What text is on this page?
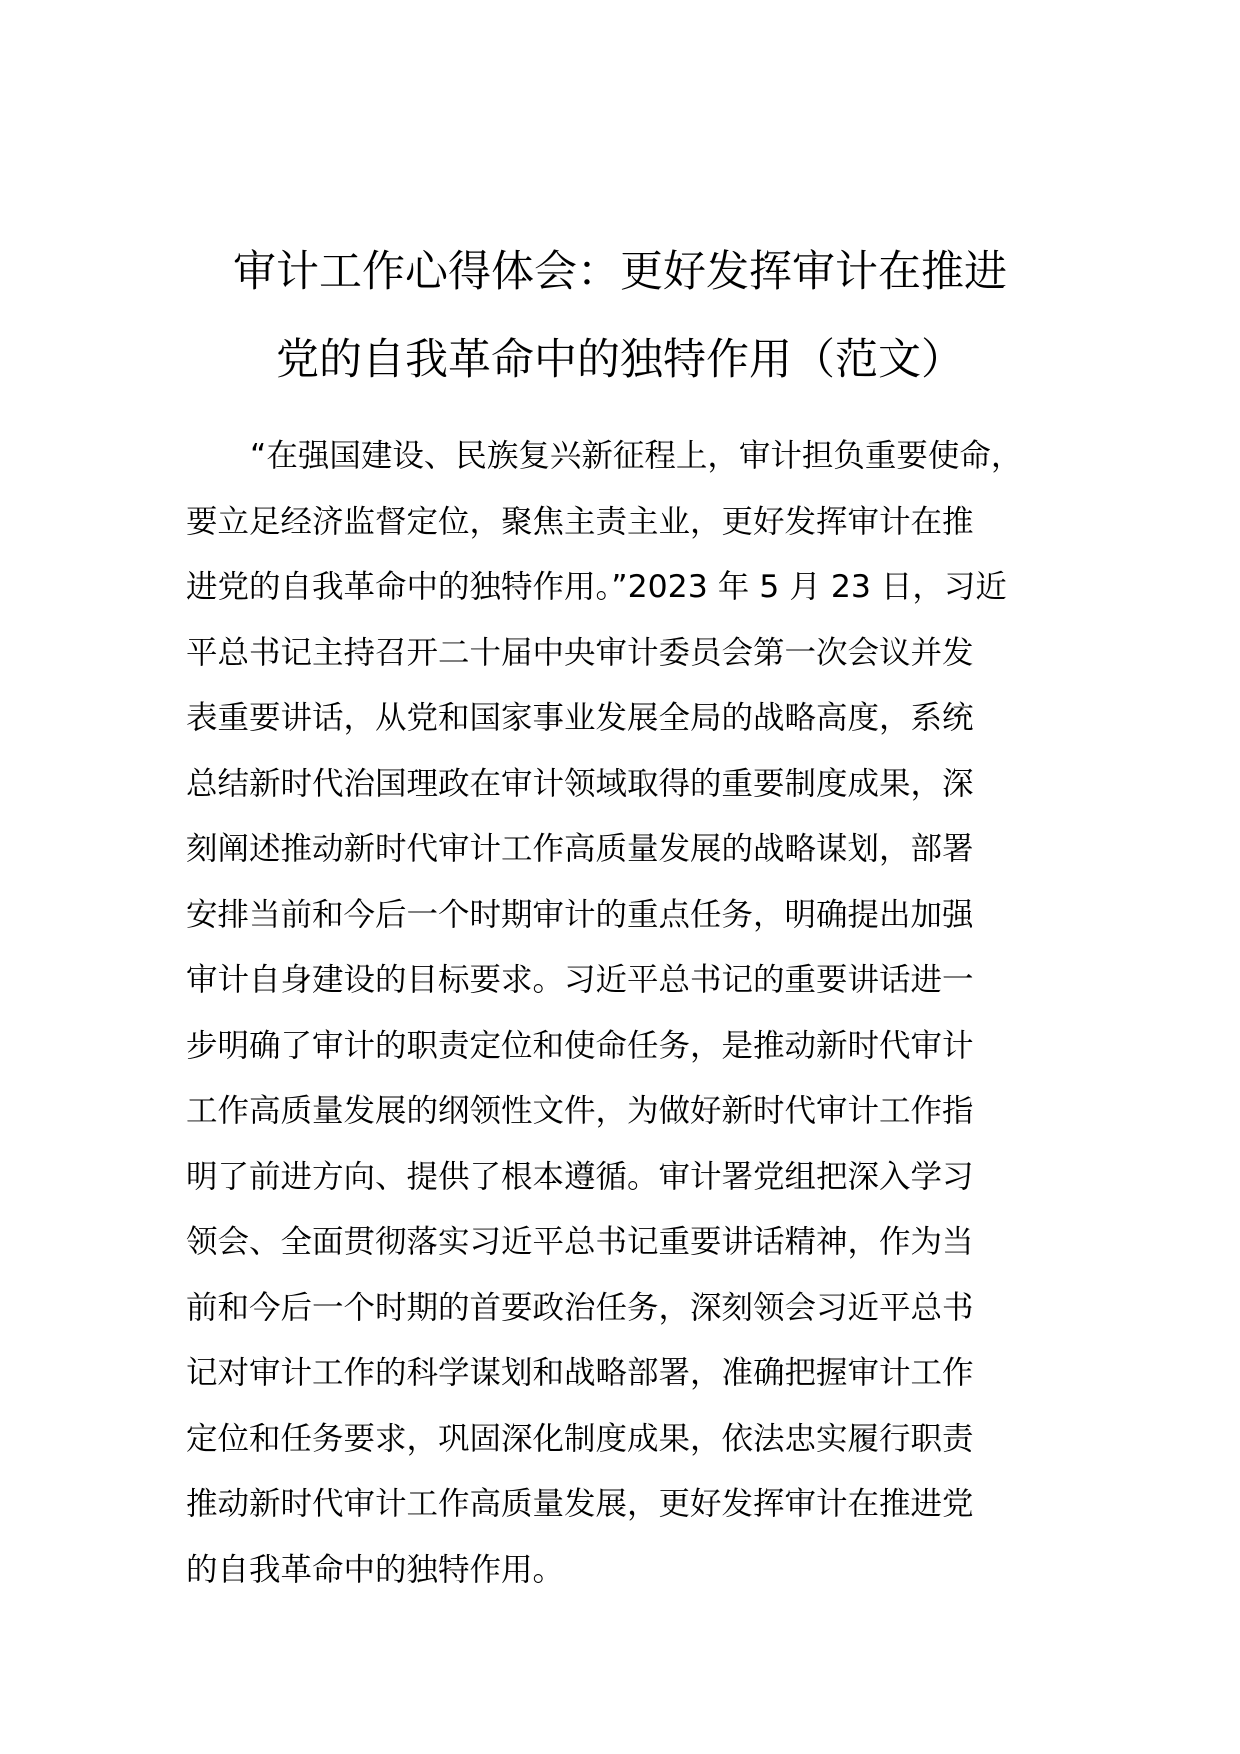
审计工作心得体会：更好发挥审计在推进
党的自我革命中的独特作用（范文）
“在强国建设、民族复兴新征程上，审计担负重要使命，
要立足经济监督定位，聚焦主责主业，更好发挥审计在推
进党的自我革命中的独特作用。”2023 年 5 月 23 日，习近
平总书记主持召开二十届中央审计委员会第一次会议并发
表重要讲话，从党和国家事业发展全局的战略高度，系统
总结新时代治国理政在审计领域取得的重要制度成果，深
刻阐述推动新时代审计工作高质量发展的战略谋划，部署
安排当前和今后一个时期审计的重点任务，明确提出加强
审计自身建设的目标要求。习近平总书记的重要讲话进一
步明确了审计的职责定位和使命任务，是推动新时代审计
工作高质量发展的纲领性文件，为做好新时代审计工作指
明了前进方向、提供了根本遵循。审计署党组把深入学习
领会、全面贯彻落实习近平总书记重要讲话精神，作为当
前和今后一个时期的首要政治任务，深刻领会习近平总书
记对审计工作的科学谋划和战略部署，准确把握审计工作
定位和任务要求，巩固深化制度成果，依法忠实履行职责
推动新时代审计工作高质量发展，更好发挥审计在推进党
的自我革命中的独特作用。
